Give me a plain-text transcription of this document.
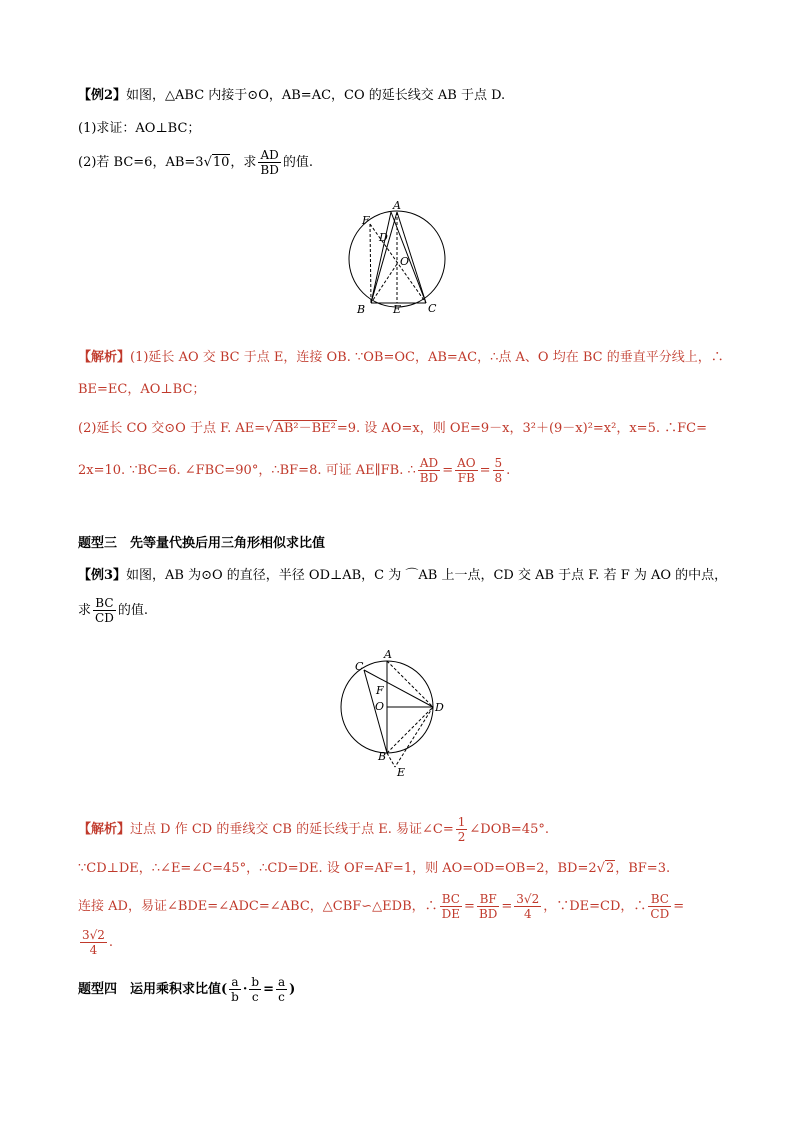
【例2】如图，△ABC 内接于⊙O，AB=AC，CO 的延长线交 AB 于点 D.
(1)求证：AO⊥BC；
(2)若 BC=6，AB=3√10，求 $\frac{AD}{BD}$ 的值.
A
F
D
O
B	E C
【解析】(1)延长 AO 交 BC 于点 E，连接 OB. ∵OB=OC，AB=AC，∴点 A、O 均在 BC 的垂直平分线上，∴
BE=EC，AO⊥BC；
(2)延长 CO 交⊙O 于点 F. AE=√AB²－BE²=9. 设 AO=x，则 OE=9－x，3²＋(9－x)²=x²，x=5. ∴FC=
2x=10. ∵BC=6. ∠FBC=90°，∴BF=8. 可证 AE∥FB. ∴ $\frac{AD}{BD} = \frac{AO}{FB} = \frac{5}{8}$ .
题型三　先等量代换后用三角形相似求比值
【例3】如图，AB 为⊙O 的直径，半径 OD⊥AB，C 为 ⌒AB 上一点，CD 交 AB 于点 F. 若 F 为 AO 的中点，
求 $\frac{BC}{CD}$ 的值.
C
A
F
O	D
B
E
【解析】过点 D 作 CD 的垂线交 CB 的延长线于点 E. 易证∠C= $\frac{1}{2}$ ∠DOB=45°.
∵CD⊥DE，∴∠E=∠C=45°，∴CD=DE. 设 OF=AF=1，则 AO=OD=OB=2，BD=2√2，BF=3.
连接 AD，易证∠BDE=∠ADC=∠ABC，△CBF∽△EDB，∴ $\frac{BC}{DE} = \frac{BF}{BD} = \frac{3√2}{4}$ ，∵DE=CD，∴ $\frac{BC}{CD}$ =
$\frac{3√2}{4}$ .
题型四　运用乘积求比值( $\frac{a}{b} \cdot \frac{b}{c} = \frac{a}{c}$ )
